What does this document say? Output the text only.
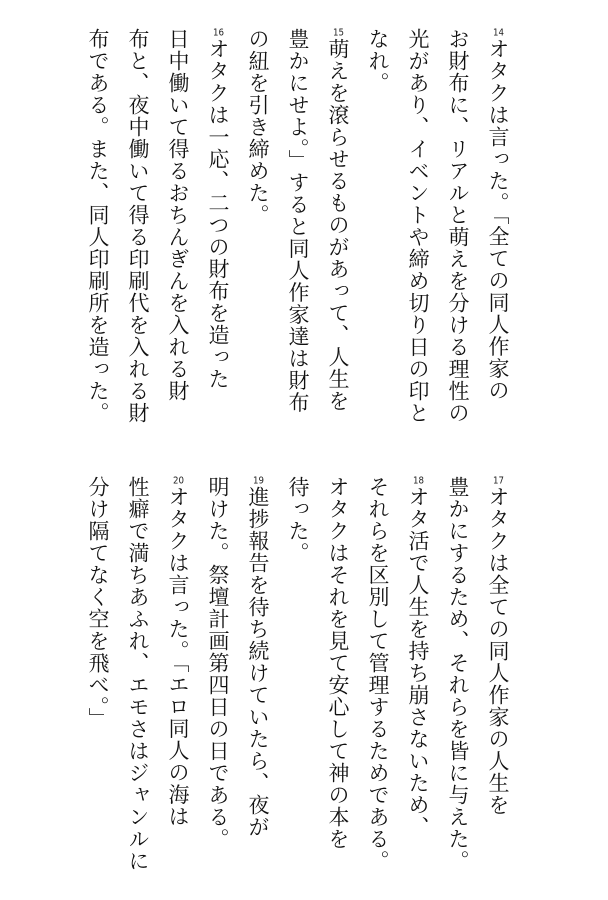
$^{14}$オタクは言った。「全ての同人作家の
お財布に、リアルと萌えを分ける理性の
光があり、イベントや締め切り日の印と
なれ。
$^{15}$萌えを滾らせるものがあって、人生を
豊かにせよ。」すると同人作家達は財布
の紐を引き締めた。
$^{16}$オタクは一応、二つの財布を造った
日中働いて得るおちんぎんを入れる財
布と、夜中働いて得る印刷代を入れる財
布である。また、同人印刷所を造った。
$^{17}$オタクは全ての同人作家の人生を
豊かにするため、それらを皆に与えた。
$^{18}$オタ活で人生を持ち崩さないため、
それらを区別して管理するためである。
オタクはそれを見て安心して神の本を
待った。
$^{19}$進捗報告を待ち続けていたら、夜が
明けた。祭壇計画第四日の日である。
$^{20}$オタクは言った。「エロ同人の海は
性癖で満ちあふれ、エモさはジャンルに
分け隔てなく空を飛べ。」
